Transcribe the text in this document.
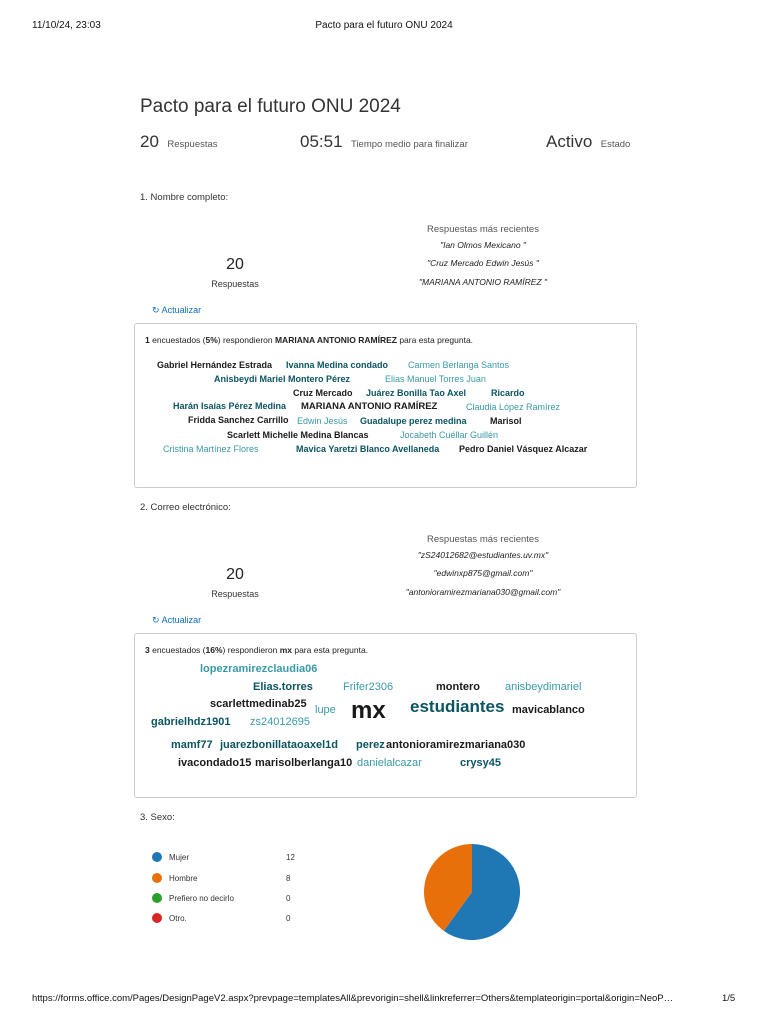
11/10/24, 23:03	Pacto para el futuro ONU 2024
Pacto para el futuro ONU 2024
20 Respuestas	05:51 Tiempo medio para finalizar	Activo Estado
1. Nombre completo:
Respuestas más recientes
"Ian Olmos Mexicano "
"Cruz Mercado Edwin Jesús "
"MARIANA ANTONIO RAMÍREZ "
20
Respuestas
↻ Actualizar
1 encuestados (5%) respondieron MARIANA ANTONIO RAMÍREZ para esta pregunta.
Gabriel Hernández Estrada Ivanna Medina condado Carmen Berlanga Santos
Anisbeydi Mariel Montero Pérez	Elias Manuel Torres Juan
Cruz Mercado Juárez Bonilla Tao Axel	Ricardo
Harán Isaías Pérez Medina MARIANA ANTONIO RAMÍREZ	Claudia López Ramírez
Fridda Sanchez Carrillo Edwin Jesús Guadalupe perez medina	Marisol
Scarlett Michelle Medina Blancas	Jocabeth Cuéllar Guillén
Cristina Martínez Flores	Mavica Yaretzi Blanco Avellaneda Pedro Daniel Vásquez Alcazar
2. Correo electrónico:
Respuestas más recientes
"zS24012682@estudiantes.uv.mx"
"edwinxp875@gmail.com"
"antonioramirezmariana030@gmail.com"
20
Respuestas
↻ Actualizar
3 encuestados (16%) respondieron mx para esta pregunta.
lopezramirezclaudia06
Elias.torres	Frifer2306	montero anisbeydimariel
scarlettmedinab25 lupe mx estudiantes mavicablanco
gabrielhdz1901 zs24012695
mamf77 juarezbonillataoaxel1d perez antonioramirezmariana030
ivacondado15 marisolberlanga10 danielalcazar	crysy45
3. Sexo:
Mujer	12
Hombre	8
Prefiero no decirlo	0
Otro.	0
https://forms.office.com/Pages/DesignPageV2.aspx?prevpage=templatesAll&prevorigin=shell&linkreferrer=Others&templateorigin=portal&origin=NeoP…	1/5
